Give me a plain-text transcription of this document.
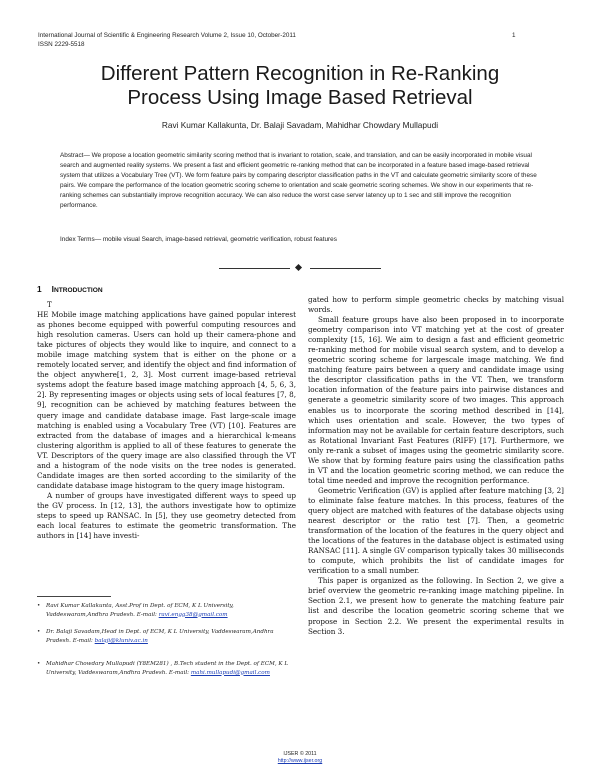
International Journal of Scientific & Engineering Research Volume 2, Issue 10, October-2011
ISSN 2229-5518
1
Different Pattern Recognition in Re-Ranking
Process Using Image Based Retrieval
Ravi Kumar Kallakunta, Dr. Balaji Savadam, Mahidhar Chowdary Mullapudi

Abstract— We propose a location geometric similarity scoring method that is invariant to rotation, scale, and translation, and can be easily incorporated in mobile visual search and augmented reality systems. We present a fast and efficient geometric re-ranking method that can be incorporated in a feature based image-based retrieval system that utilizes a Vocabulary Tree (VT). We form feature pairs by comparing descriptor classification paths in the VT and calculate geometric similarity score of these pairs. We compare the performance of the location geometric scoring scheme to orientation and scale geometric scoring schemes. We show in our experiments that re-ranking schemes can substantially improve recognition accuracy. We can also reduce the worst case server latency up to 1 sec and still improve the recognition performance.

Index Terms— mobile visual Search, image-based retrieval, geometric verification, robust features

1 INTRODUCTION
T

HE Mobile image matching applications have gained popular interest as phones become equipped with powerful computing resources and high resolution cameras. Users can hold up their camera-phone and take pictures of objects they would like to inquire, and connect to a mobile image matching system that is either on the phone or a remotely located server, and identify the object and find information of the object anywhere[1, 2, 3]. Most current image-based retrieval systems adopt the feature based image matching approach [4, 5, 6, 3, 2]. By representing images or objects using sets of local features [7, 8, 9], recognition can be achieved by matching features between the query image and candidate database image. Fast large-scale image matching is enabled using a Vocabulary Tree (VT) [10]. Features are extracted from the database of images and a hierarchical k-means clustering algorithm is applied to all of these features to generate the VT. Descriptors of the query image are also classified through the VT and a histogram of the node visits on the tree nodes is generated. Candidate images are then sorted according to the similarity of the candidate database image histogram to the query image histogram.

A number of groups have investigated different ways to speed up the GV process. In [12, 13], the authors investigate how to optimize steps to speed up RANSAC. In [5], they use geometry detected from each local features to estimate the geometric transformation. The authors in [14] have investi-

gated how to perform simple geometric checks by matching visual words.

Small feature groups have also been proposed in to incorporate geometry comparison into VT matching yet at the cost of greater complexity [15, 16]. We aim to design a fast and efficient geometric re-ranking method for mobile visual search system, and to develop a geometric scoring scheme for largescale image matching. We find matching feature pairs between a query and candidate image using the descriptor classification paths in the VT. Then, we transform location information of the feature pairs into pairwise distances and generate a geometric similarity score of two images. This approach enables us to incorporate the scoring method described in [14], which uses orientation and scale. However, the two types of information may not be available for certain feature descriptors, such as Rotational Invariant Fast Features (RIFF) [17]. Furthermore, we only re-rank a subset of images using the geometric similarity score. We show that by forming feature pairs using the classification paths in VT and the location geometric scoring method, we can reduce the total time needed and improve the recognition performance.

Geometric Verification (GV) is applied after feature matching [3, 2] to eliminate false feature matches. In this process, features of the query object are matched with features of the database objects using nearest descriptor or the ratio test [7]. Then, a geometric transformation of the location of the features in the query object and the locations of the features in the database object is estimated using RANSAC [11]. A single GV comparison typically takes 30 milliseconds to compute, which prohibits the list of candidate images for verification to a small number.

This paper is organized as the following. In Section 2, we give a brief overview the geometric re-ranking image matching pipeline. In Section 2.1, we present how to generate the matching feature pair list and describe the location geometric scoring scheme that we propose in Section 2.2. We present the experimental results in Section 3.

• Ravi Kumar Kallakunta, Asst.Prof in Dept. of ECM, K L University, Vaddeswaram,Andhra Pradesh. E-mail: ravi.engg38@gmail.com
• Dr. Balaji Savadam,Head in Dept. of ECM, K L University, Vaddeswaram,Andhra Pradesh. E-mail: balaji@kluniv.ac.in
• Mahidhar Chowdary Mullapudi (Y8EM281) , B.Tech student in the Dept. of ECM, K L University, Vaddeswaram,Andhra Pradesh. E-mail: mahi.mullapudi@gmail.com
IJSER © 2011
http://www.ijser.org
